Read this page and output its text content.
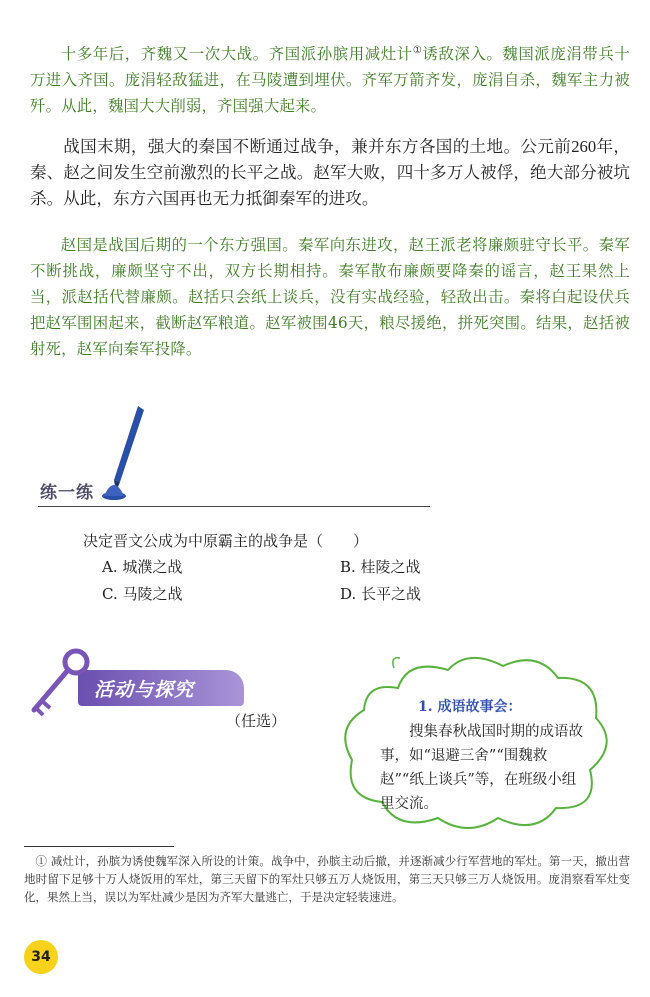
十多年后，齐魏又一次大战。齐国派孙膑用减灶计①诱敌深入。魏国派庞涓带兵十万进入齐国。庞涓轻敌猛进，在马陵遭到埋伏。齐军万箭齐发，庞涓自杀，魏军主力被歼。从此，魏国大大削弱，齐国强大起来。

战国末期，强大的秦国不断通过战争，兼并东方各国的土地。公元前260年，秦、赵之间发生空前激烈的长平之战。赵军大败，四十多万人被俘，绝大部分被坑杀。从此，东方六国再也无力抵御秦军的进攻。

赵国是战国后期的一个东方强国。秦军向东进攻，赵王派老将廉颇驻守长平。秦军不断挑战，廉颇坚守不出，双方长期相持。秦军散布廉颇要降秦的谣言，赵王果然上当，派赵括代替廉颇。赵括只会纸上谈兵，没有实战经验，轻敌出击。秦将白起设伏兵把赵军围困起来，截断赵军粮道。赵军被围46天，粮尽援绝，拼死突围。结果，赵括被射死，赵军向秦军投降。

练一练
决定晋文公成为中原霸主的战争是（　　）
A. 城濮之战	B. 桂陵之战
C. 马陵之战	D. 长平之战
活动与探究
（任选）
1. 成语故事会：

搜集春秋战国时期的成语故事，如“退避三舍”“围魏救赵”“纸上谈兵”等，在班级小组里交流。

① 减灶计，孙膑为诱使魏军深入所设的计策。战争中，孙膑主动后撤，并逐渐减少行军营地的军灶。第一天，撤出营地时留下足够十万人烧饭用的军灶，第三天留下的军灶只够五万人烧饭用，第三天只够三万人烧饭用。庞涓察看军灶变化，果然上当，误以为军灶减少是因为齐军大量逃亡，于是决定轻装速进。

34
